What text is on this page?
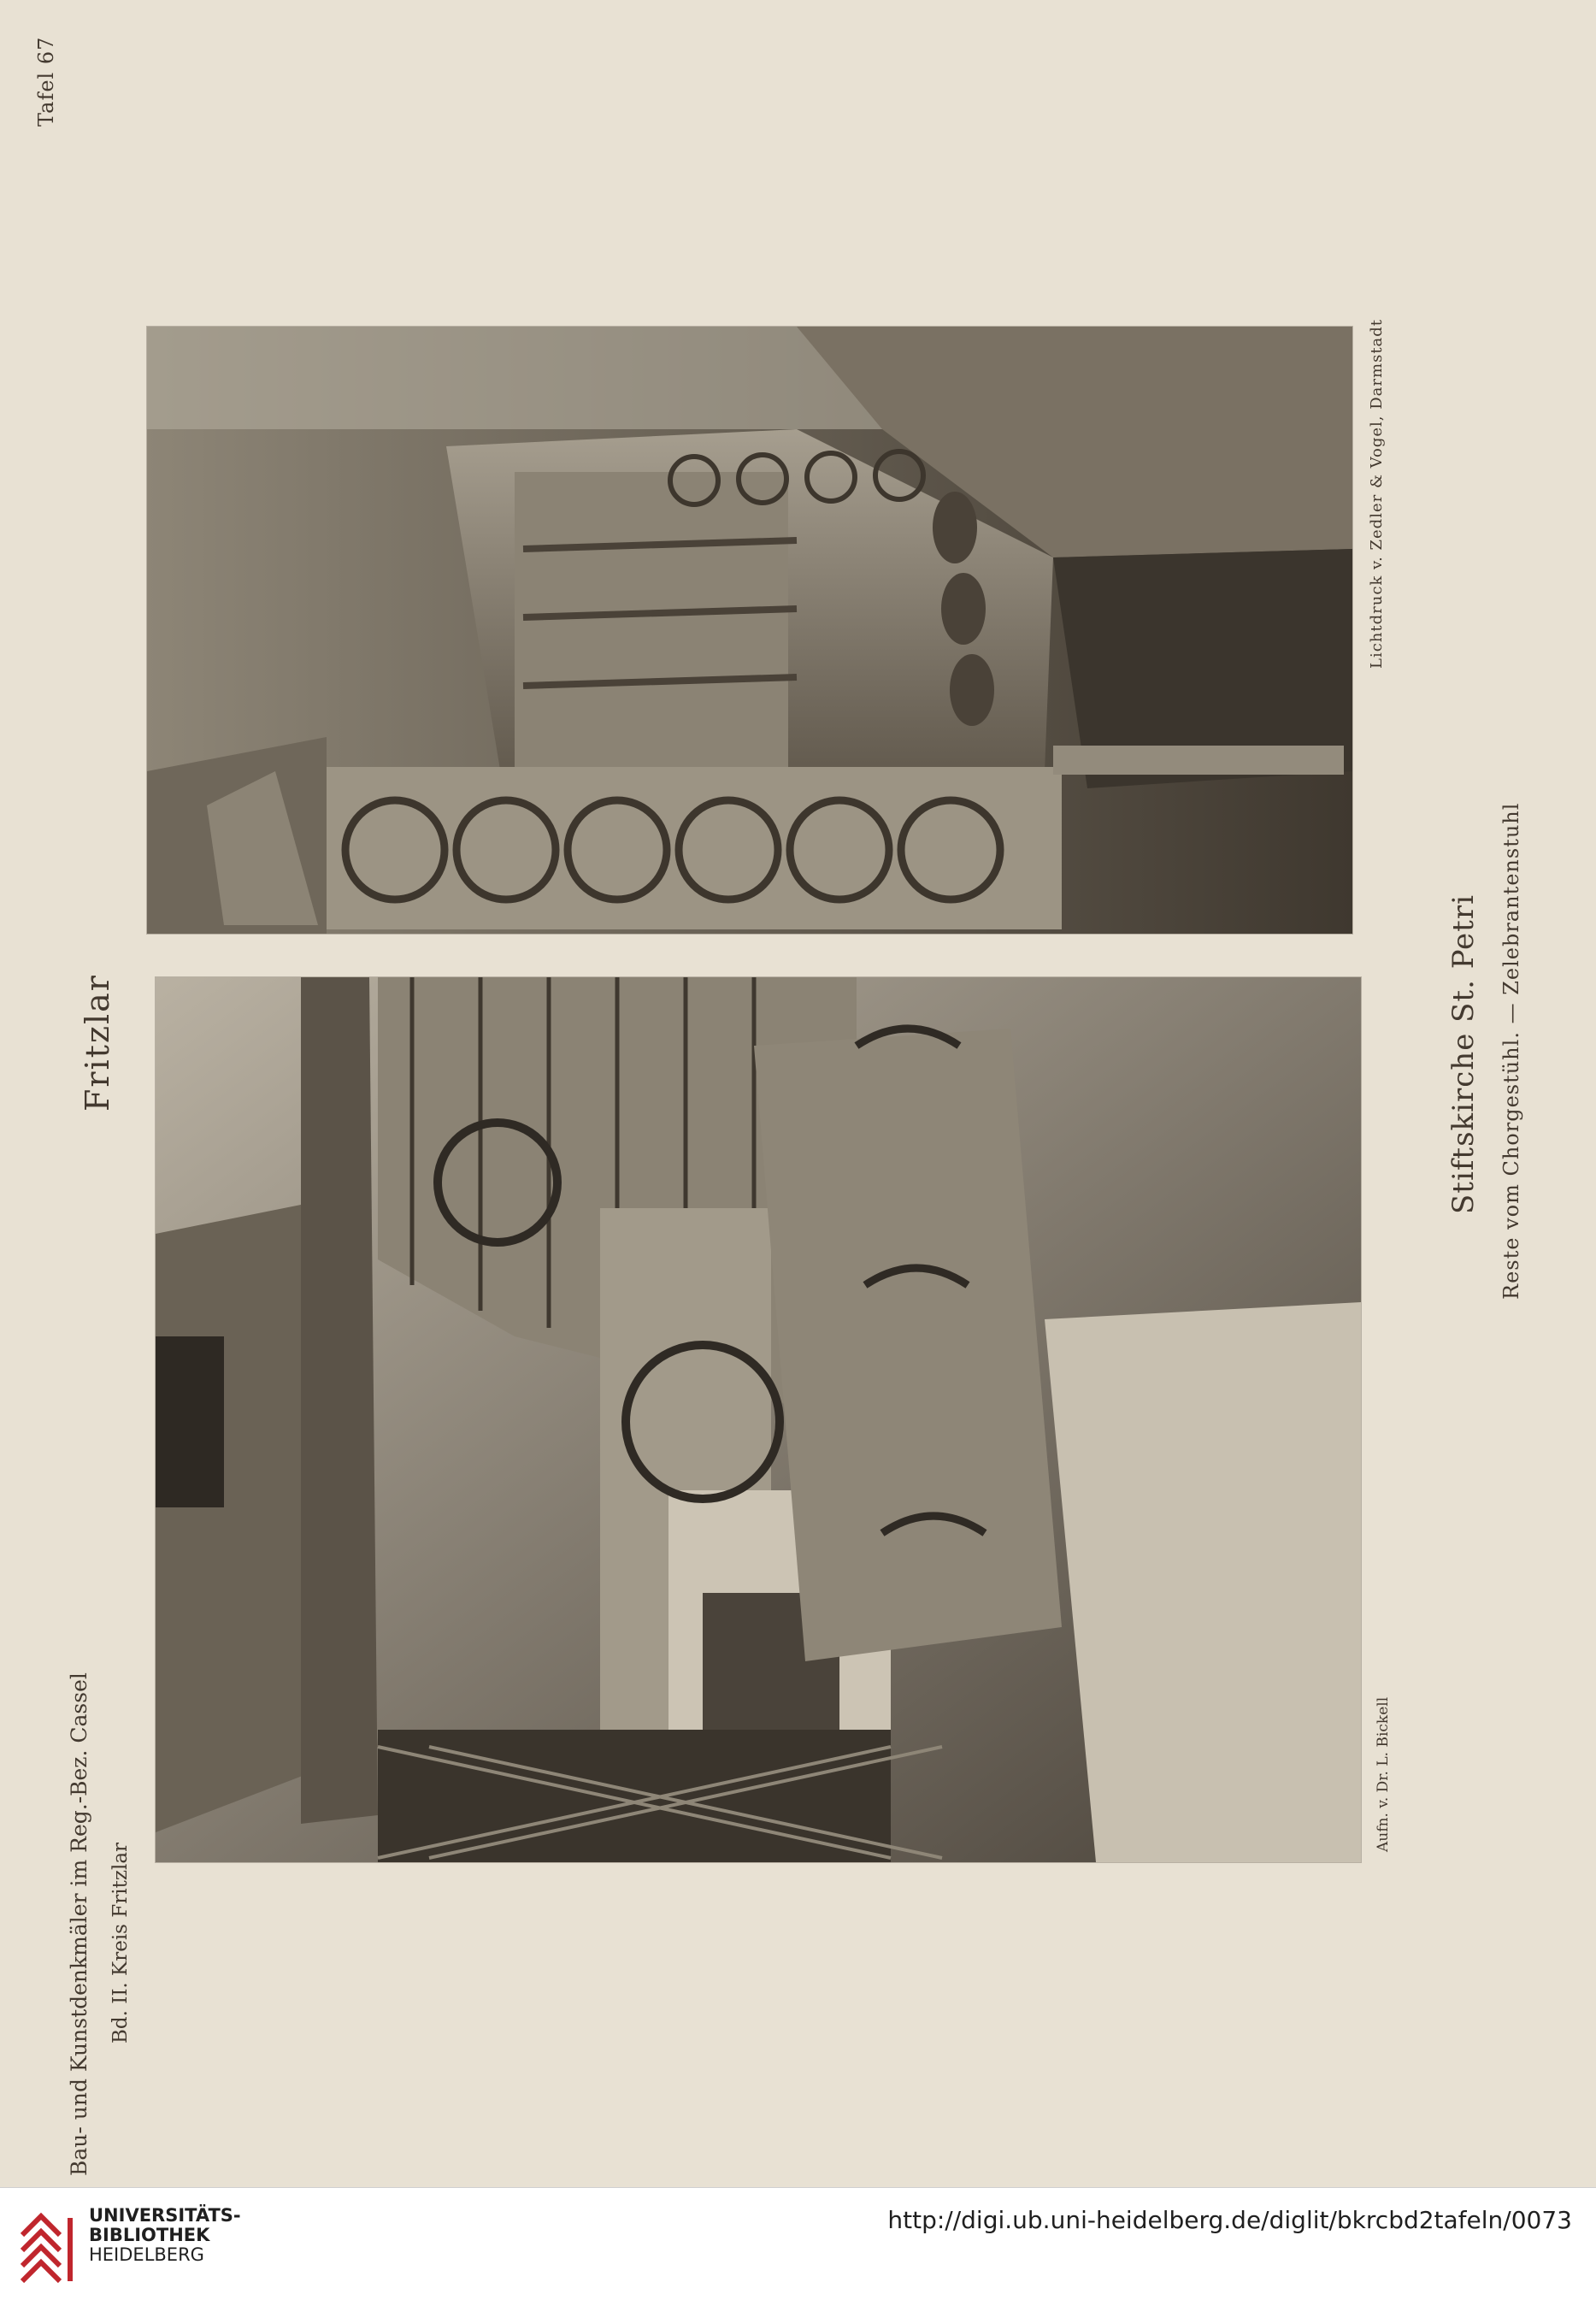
Tafel 67
Fritzlar
Bau- und Kunstdenkmäler im Reg.-Bez. Cassel Bd. II. Kreis Fritzlar
Lichtdruck v. Zedler & Vogel, Darmstadt
Aufn. v. Dr. L. Bickell
Stiftskirche St. Petri Reste vom Chorgestühl. — Zelebrantenstuhl
UNIVERSITÄTS-
BIBLIOTHEK
HEIDELBERG
http://digi.ub.uni-heidelberg.de/diglit/bkrcbd2tafeln/0073
